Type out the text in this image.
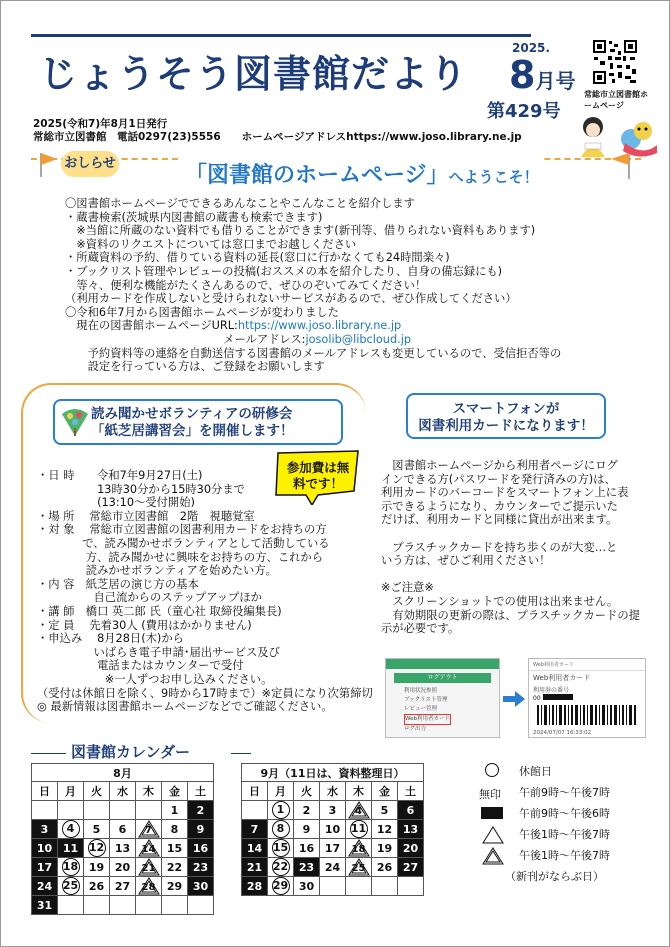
じょうそう図書館だより
2025.
8月号
第429号
常総市立図書館ホームページ
2025(令和7)年8月1日発行
常総市立図書館　電話0297(23)5556　　ホームページアドレスhttps://www.joso.library.ne.jp
おしらせ	「図書館のホームページ」へようこそ！
〇図書館ホームページでできるあんなことやこんなことを紹介します
・蔵書検索(茨城県内図書館の蔵書も検索できます)
　※当館に所蔵のない資料でも借りることができます(新刊等、借りられない資料もあります)
　※資料のリクエストについては窓口までお越しください
・所蔵資料の予約、借りている資料の延長(窓口に行かなくても24時間楽々)
・ブックリスト管理やレビューの投稿(おススメの本を紹介したり、自身の備忘録にも)
　等々、便利な機能がたくさんあるので、ぜひのぞいてみてください！
（利用カードを作成しないと受けられないサービスがあるので、ぜひ作成してください）
〇令和6年7月から図書館ホームページが変わりました
　現在の図書館ホームページURL:https://www.joso.library.ne.jp
　　　　　　　　　　　　　　メールアドレス:josolib@libcloud.jp
　　予約資料等の連絡を自動送信する図書館のメールアドレスも変更しているので、受信拒否等の
　　設定を行っている方は、ご登録をお願いします
読み聞かせボランティアの研修会
「紙芝居講習会」を開催します！
参加費は無料です！
・日 時　　令和7年9月27日(土)
　　　　　 13時30分から15時30分まで
　　　　　 (13:10～受付開始)
・場 所　 常総市立図書館　2階　視聴覚室
・対 象　 常総市立図書館の図書利用カードをお持ちの方
　　　　で、読み聞かせボランティアとして活動している
　　　　 方、読み聞かせに興味をお持ちの方、これから
　　　　 読みかせボランティアを始めたい方。
・内 容　紙芝居の演じ方の基本
　　　　　自己流からのステップアップほか
・講 師　橋口 英二郎 氏（童心社 取締役編集長)
・定 員　 先着30人 (費用はかかりません)
・申込み　 8月28日(木)から
　　　　　いばらき電子申請･届出サービス及び
　　　　　 電話またはカウンターで受付
　　　　　　※一人ずつお申し込みください。
（受付は休館日を除く、9時から17時まで）※定員になり次第締切
◎ 最新情報は図書館ホームページなどでご確認ください。
スマートフォンが
図書利用カードになります！
　図書館ホームページから利用者ページにログ
インできる方(パスワードを発行済みの方)は、
利用カードのバーコードをスマートフォン上に表
示できるようになり、カウンターでご提示いた
だけば、利用カードと同様に貸出が出来ます。

　プラスチックカードを持ち歩くのが大変…と
いう方は、ぜひご利用ください！

※ご注意※
　スクリーンショットでの使用は出来ません。
　有効期限の更新の際は、プラスチックカードの提
示が必要です。
ログアウト
利用状況参照
ブックリスト管理
レビュー管理
Web利用者カード
ログ出力
Web利用者カード
Web利用者カード
利用券の番号
00
2024/07/07 16:33:02
図書館カレンダー
8月						
日	月	火	水	木	金	土
					1	2
3	4	5	6	7	8	9
10	11	12	13	14	15	16
17	18	19	20	21	22	23
24	25	26	27	28	29	30
31						
9月（11日は、資料整理日）						
日	月	火	水	木	金	土
	1	2	3	4	5	6
7	8	9	10	11	12	13
14	15	16	17	18	19	20
21	22	23	24	25	26	27
28	29	30				
休館日
無印 午前9時～午後7時
午前9時～午後6時
午後1時～午後7時
午後1時～午後7時
（新刊がならぶ日）
